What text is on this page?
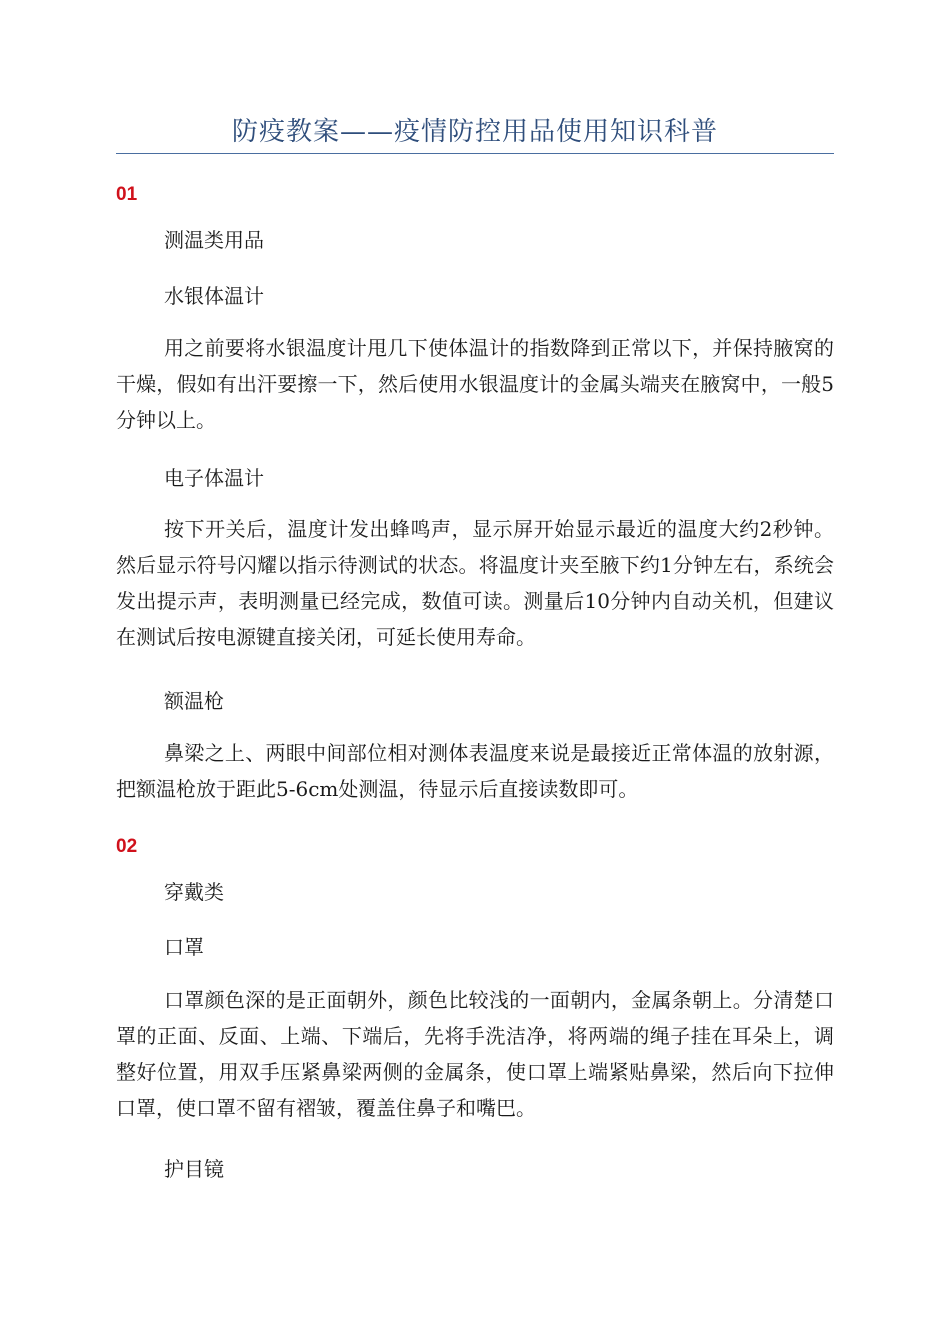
防疫教案——疫情防控用品使用知识科普
01
测温类用品
水银体温计

用之前要将水银温度计甩几下使体温计的指数降到正常以下，并保持腋窝的干燥，假如有出汗要擦一下，然后使用水银温度计的金属头端夹在腋窝中，一般5分钟以上。

电子体温计

按下开关后，温度计发出蜂鸣声，显示屏开始显示最近的温度大约2秒钟。然后显示符号闪耀以指示待测试的状态。将温度计夹至腋下约1分钟左右，系统会发出提示声，表明测量已经完成，数值可读。测量后10分钟内自动关机，但建议在测试后按电源键直接关闭，可延长使用寿命。

额温枪

鼻梁之上、两眼中间部位相对测体表温度来说是最接近正常体温的放射源，把额温枪放于距此5-6cm处测温，待显示后直接读数即可。

02
穿戴类
口罩

口罩颜色深的是正面朝外，颜色比较浅的一面朝内，金属条朝上。分清楚口罩的正面、反面、上端、下端后，先将手洗洁净，将两端的绳子挂在耳朵上，调整好位置，用双手压紧鼻梁两侧的金属条，使口罩上端紧贴鼻梁，然后向下拉伸口罩，使口罩不留有褶皱，覆盖住鼻子和嘴巴。

护目镜
